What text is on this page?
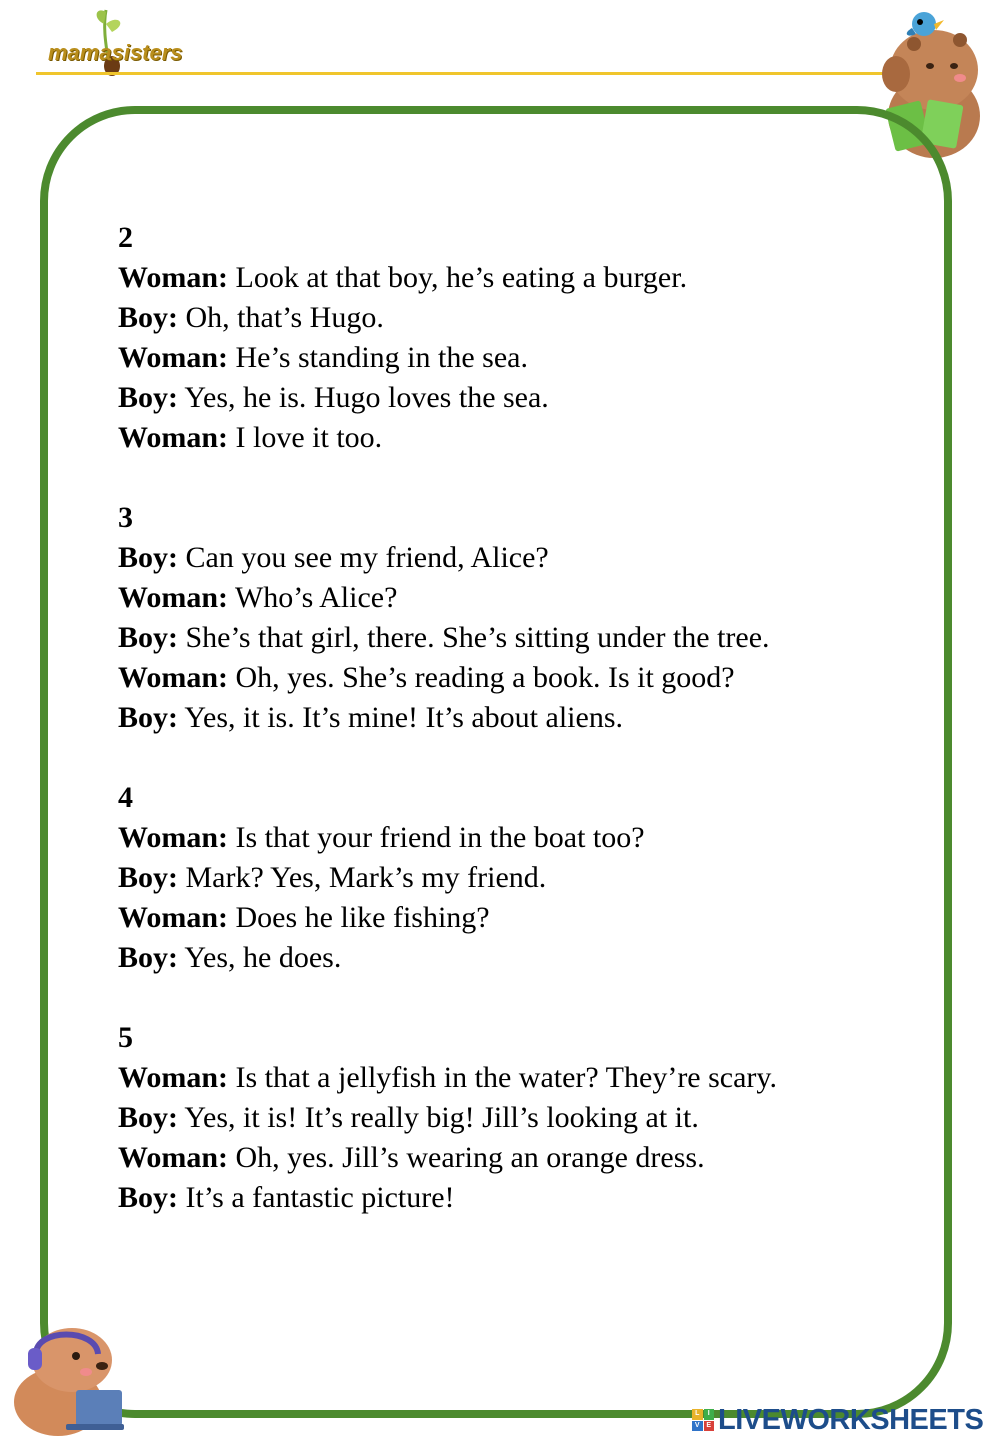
mamasisters
2
Woman: Look at that boy, he’s eating a burger.
Boy: Oh, that’s Hugo.
Woman: He’s standing in the sea.
Boy: Yes, he is. Hugo loves the sea.
Woman: I love it too.
3
Boy: Can you see my friend, Alice?
Woman: Who’s Alice?
Boy: She’s that girl, there. She’s sitting under the tree.
Woman: Oh, yes. She’s reading a book. Is it good?
Boy: Yes, it is. It’s mine! It’s about aliens.
4
Woman: Is that your friend in the boat too?
Boy: Mark? Yes, Mark’s my friend.
Woman: Does he like fishing?
Boy: Yes, he does.
5
Woman: Is that a jellyfish in the water? They’re scary.
Boy: Yes, it is! It’s really big! Jill’s looking at it.
Woman: Oh, yes. Jill’s wearing an orange dress.
Boy: It’s a fantastic picture!
L	I
V E LIVEWORKSHEETS
